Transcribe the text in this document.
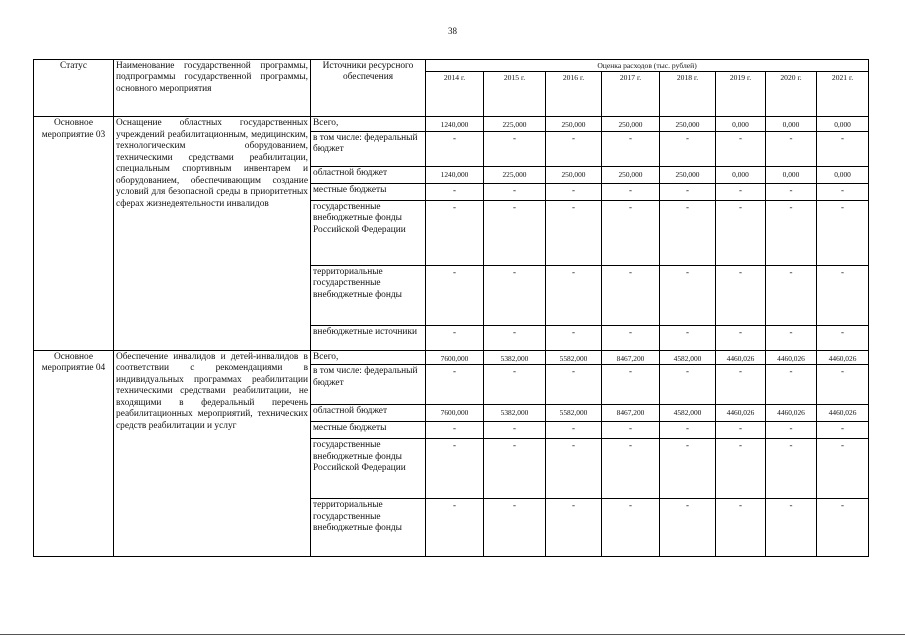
38
Статус	Наименование государственной программы, подпрограммы государственной программы, основного мероприятия	Источники ресурсного обеспечения	Оценка расходов (тыс. рублей)							
			2014 г.	2015 г.	2016 г.	2017 г.	2018 г.	2019 г.	2020 г.	2021 г.
Основное мероприятие 03	Оснащение областных государственных учреждений реабилитационным, медицинским, технологическим оборудованием, техническими средствами реабилитации, специальным спортивным инвентарем и оборудованием, обеспечивающим создание условий для безопасной среды в приоритетных сферах жизнедеятельности инвалидов	Всего,	1240,000	225,000	250,000	250,000	250,000	0,000	0,000	0,000
		в том числе: федеральный бюджет	-	-	-	-	-	-	-	-
		областной бюджет	1240,000	225,000	250,000	250,000	250,000	0,000	0,000	0,000
		местные бюджеты	-	-	-	-	-	-	-	-
		государственные внебюджетные фонды Российской Федерации	-	-	-	-	-	-	-	-
		территориальные государственные внебюджетные фонды	-	-	-	-	-	-	-	-
		внебюджетные источники	-	-	-	-	-	-	-	-
Основное мероприятие 04	Обеспечение инвалидов и детей-инвалидов в соответствии с рекомендациями в индивидуальных программах реабилитации техническими средствами реабилитации, не входящими в федеральный перечень реабилитационных мероприятий, технических средств реабилитации и услуг	Всего,	7600,000	5382,000	5582,000	8467,200	4582,000	4460,026	4460,026	4460,026
		в том числе: федеральный бюджет	-	-	-	-	-	-	-	-
		областной бюджет	7600,000	5382,000	5582,000	8467,200	4582,000	4460,026	4460,026	4460,026
		местные бюджеты	-	-	-	-	-	-	-	-
		государственные внебюджетные фонды Российской Федерации	-	-	-	-	-	-	-	-
		территориальные государственные внебюджетные фонды	-	-	-	-	-	-	-	-
